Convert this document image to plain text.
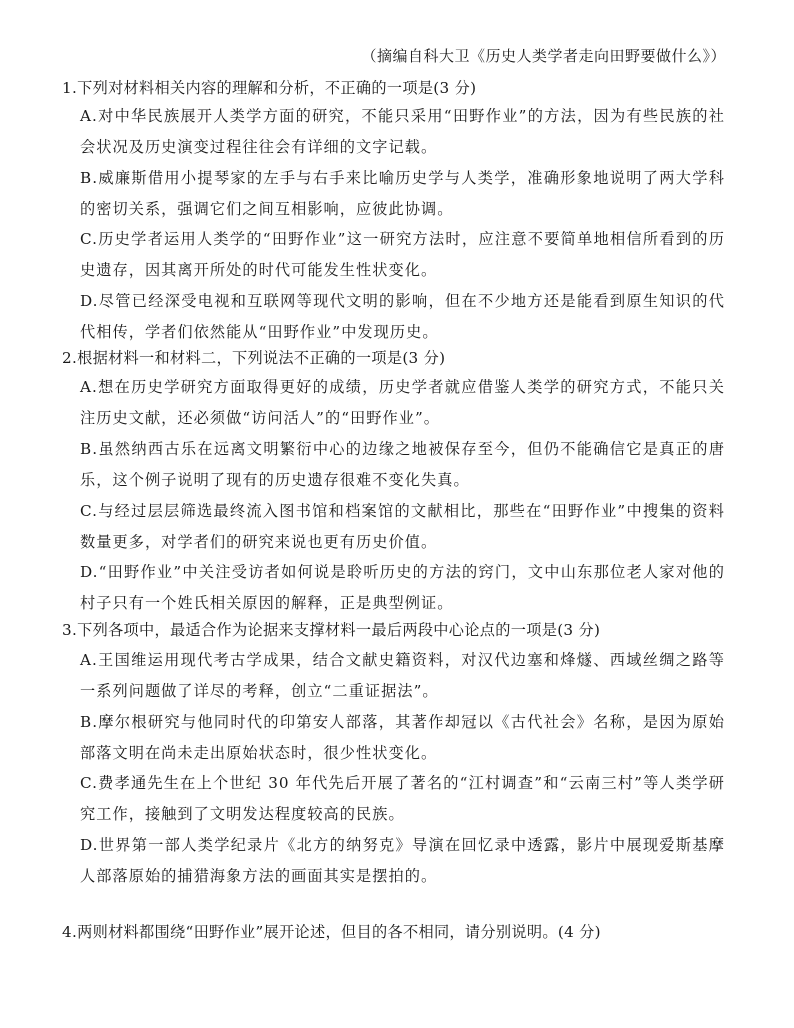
（摘编自科大卫《历史人类学者走向田野要做什么》）
1.下列对材料相关内容的理解和分析，不正确的一项是(3 分)
A.对中华民族展开人类学方面的研究，不能只采用“田野作业”的方法，因为有些民族的社会状况及历史演变过程往往会有详细的文字记载。
B.威廉斯借用小提琴家的左手与右手来比喻历史学与人类学，准确形象地说明了两大学科的密切关系，强调它们之间互相影响，应彼此协调。
C.历史学者运用人类学的“田野作业”这一研究方法时，应注意不要简单地相信所看到的历史遗存，因其离开所处的时代可能发生性状变化。
D.尽管已经深受电视和互联网等现代文明的影响，但在不少地方还是能看到原生知识的代代相传，学者们依然能从“田野作业”中发现历史。
2.根据材料一和材料二，下列说法不正确的一项是(3 分)
A.想在历史学研究方面取得更好的成绩，历史学者就应借鉴人类学的研究方式，不能只关注历史文献，还必须做“访问活人”的“田野作业”。
B.虽然纳西古乐在远离文明繁衍中心的边缘之地被保存至今，但仍不能确信它是真正的唐乐，这个例子说明了现有的历史遗存很难不变化失真。
C.与经过层层筛选最终流入图书馆和档案馆的文献相比，那些在“田野作业”中搜集的资料数量更多，对学者们的研究来说也更有历史价值。
D.“田野作业”中关注受访者如何说是聆听历史的方法的窍门，文中山东那位老人家对他的村子只有一个姓氏相关原因的解释，正是典型例证。
3.下列各项中，最适合作为论据来支撑材料一最后两段中心论点的一项是(3 分)
A.王国维运用现代考古学成果，结合文献史籍资料，对汉代边塞和烽燧、西域丝绸之路等一系列问题做了详尽的考释，创立“二重证据法”。
B.摩尔根研究与他同时代的印第安人部落，其著作却冠以《古代社会》名称，是因为原始部落文明在尚未走出原始状态时，很少性状变化。
C.费孝通先生在上个世纪 30 年代先后开展了著名的“江村调查”和“云南三村”等人类学研究工作，接触到了文明发达程度较高的民族。
D.世界第一部人类学纪录片《北方的纳努克》导演在回忆录中透露，影片中展现爱斯基摩人部落原始的捕猎海象方法的画面其实是摆拍的。
4.两则材料都围绕“田野作业”展开论述，但目的各不相同，请分别说明。(4 分)
